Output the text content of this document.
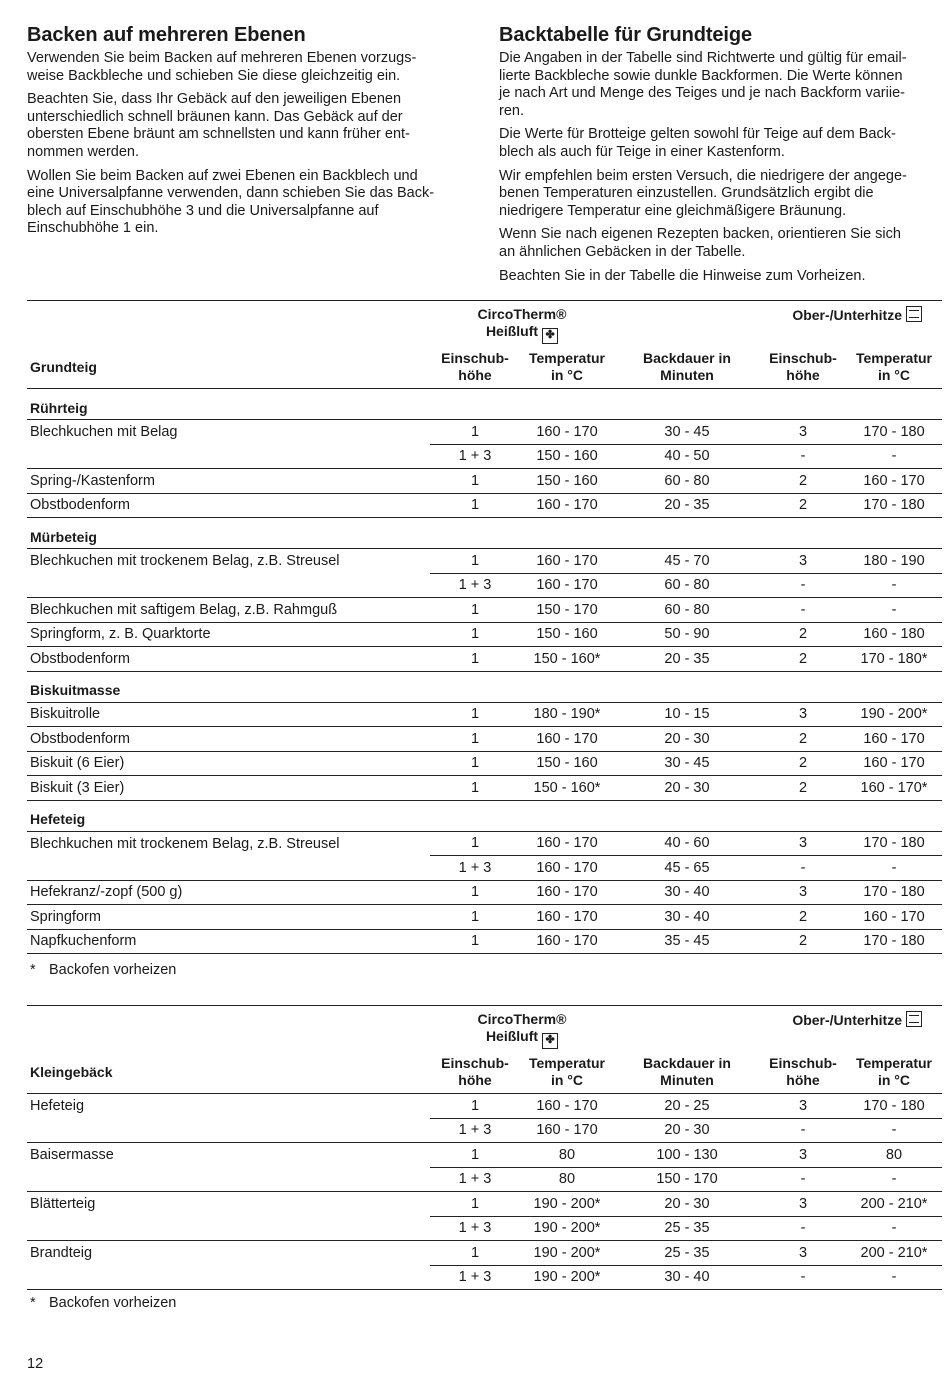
Backen auf mehreren Ebenen
Verwenden Sie beim Backen auf mehreren Ebenen vorzugs-
weise Backbleche und schieben Sie diese gleichzeitig ein.
Beachten Sie, dass Ihr Gebäck auf den jeweiligen Ebenen
unterschiedlich schnell bräunen kann. Das Gebäck auf der
obersten Ebene bräunt am schnellsten und kann früher ent-
nommen werden.
Wollen Sie beim Backen auf zwei Ebenen ein Backblech und
eine Universalpfanne verwenden, dann schieben Sie das Back-
blech auf Einschubhöhe 3 und die Universalpfanne auf
Einschubhöhe 1 ein.
Backtabelle für Grundteige
Die Angaben in der Tabelle sind Richtwerte und gültig für email-
lierte Backbleche sowie dunkle Backformen. Die Werte können
je nach Art und Menge des Teiges und je nach Backform variie-
ren.
Die Werte für Brotteige gelten sowohl für Teige auf dem Back-
blech als auch für Teige in einer Kastenform.
Wir empfehlen beim ersten Versuch, die niedrigere der angege-
benen Temperaturen einzustellen. Grundsätzlich ergibt die
niedrigere Temperatur eine gleichmäßigere Bräunung.
Wenn Sie nach eigenen Rezepten backen, orientieren Sie sich
an ähnlichen Gebäcken in der Tabelle.
Beachten Sie in der Tabelle die Hinweise zum Vorheizen.
	CircoTherm®
Heißluft ✤		Ober-/Unterhitze		
Grundteig	Einschub-
höhe	Temperatur
in °C	Backdauer in
Minuten	Einschub-
höhe	Temperatur
in °C
Rührteig					
Blechkuchen mit Belag	1	160 - 170	30 - 45	3	170 - 180
	1 + 3	150 - 160	40 - 50	-	-
Spring-/Kastenform	1	150 - 160	60 - 80	2	160 - 170
Obstbodenform	1	160 - 170	20 - 35	2	170 - 180
Mürbeteig					
Blechkuchen mit trockenem Belag, z.B. Streusel	1	160 - 170	45 - 70	3	180 - 190
	1 + 3	160 - 170	60 - 80	-	-
Blechkuchen mit saftigem Belag, z.B. Rahmguß	1	150 - 170	60 - 80	-	-
Springform, z. B. Quarktorte	1	150 - 160	50 - 90	2	160 - 180
Obstbodenform	1	150 - 160*	20 - 35	2	170 - 180*
Biskuitmasse					
Biskuitrolle	1	180 - 190*	10 - 15	3	190 - 200*
Obstbodenform	1	160 - 170	20 - 30	2	160 - 170
Biskuit (6 Eier)	1	150 - 160	30 - 45	2	160 - 170
Biskuit (3 Eier)	1	150 - 160*	20 - 30	2	160 - 170*
Hefeteig					
Blechkuchen mit trockenem Belag, z.B. Streusel	1	160 - 170	40 - 60	3	170 - 180
	1 + 3	160 - 170	45 - 65	-	-
Hefekranz/-zopf (500 g)	1	160 - 170	30 - 40	3	170 - 180
Springform	1	160 - 170	30 - 40	2	160 - 170
Napfkuchenform	1	160 - 170	35 - 45	2	170 - 180
* Backofen vorheizen
	CircoTherm®
Heißluft ✤		Ober-/Unterhitze		
Kleingebäck	Einschub-
höhe	Temperatur
in °C	Backdauer in
Minuten	Einschub-
höhe	Temperatur
in °C
Hefeteig	1	160 - 170	20 - 25	3	170 - 180
	1 + 3	160 - 170	20 - 30	-	-
Baisermasse	1	80	100 - 130	3	80
	1 + 3	80	150 - 170	-	-
Blätterteig	1	190 - 200*	20 - 30	3	200 - 210*
	1 + 3	190 - 200*	25 - 35	-	-
Brandteig	1	190 - 200*	25 - 35	3	200 - 210*
	1 + 3	190 - 200*	30 - 40	-	-
* Backofen vorheizen
12
